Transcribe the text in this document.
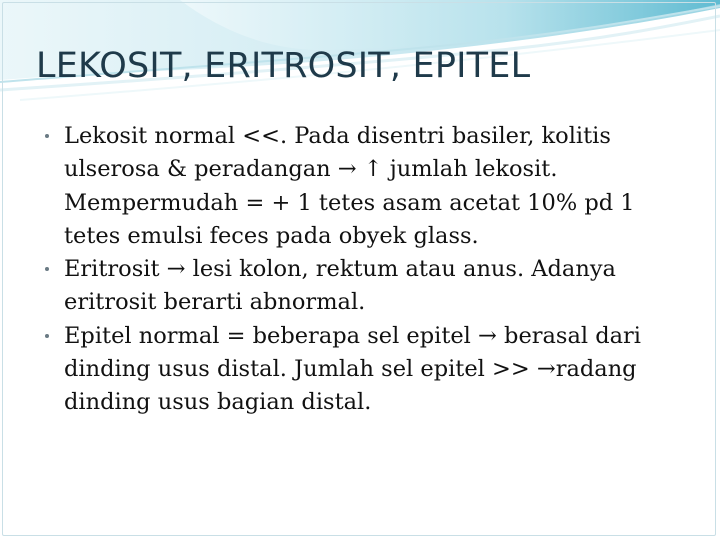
LEKOSIT, ERITROSIT, EPITEL
Lekosit normal <<. Pada disentri basiler, kolitis ulserosa & peradangan → ↑ jumlah lekosit. Mempermudah = + 1 tetes asam acetat 10% pd 1 tetes emulsi feces pada obyek glass.
Eritrosit → lesi kolon, rektum atau anus. Adanya eritrosit berarti abnormal.
Epitel normal = beberapa sel epitel → berasal dari dinding usus distal. Jumlah sel epitel >> →radang dinding usus bagian distal.
